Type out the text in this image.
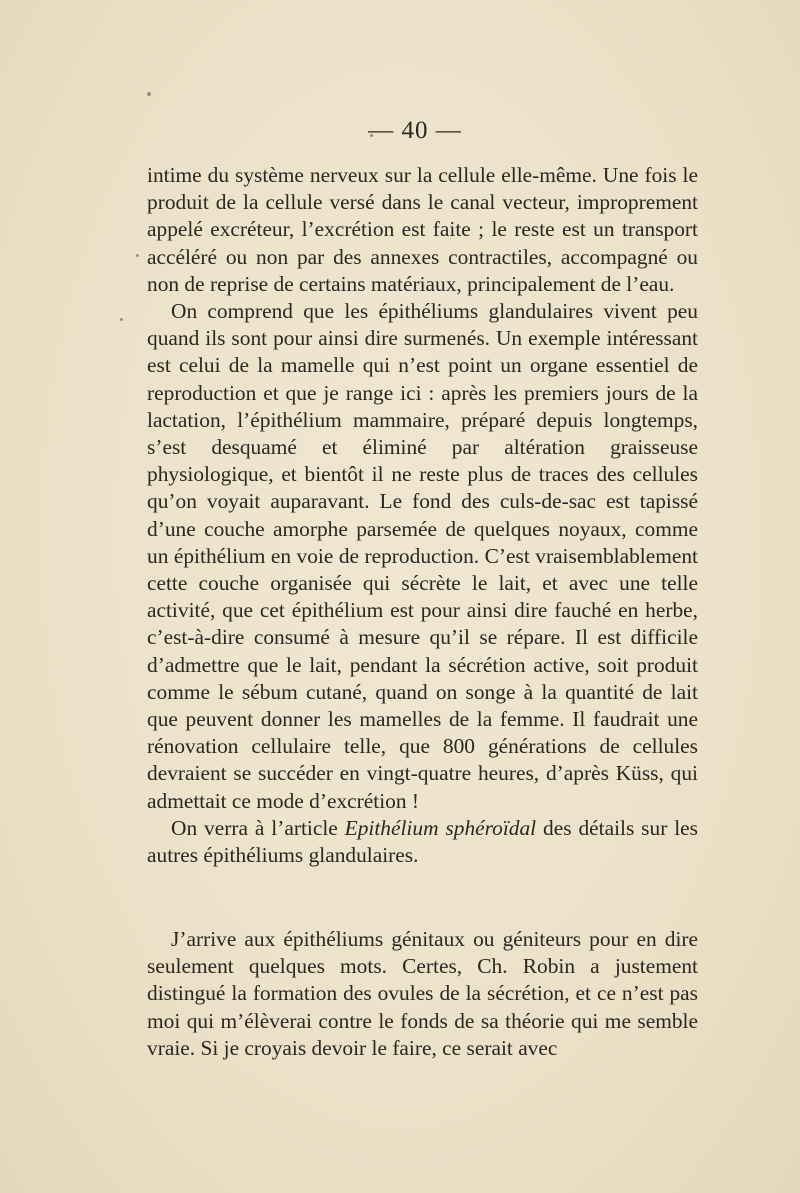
— 40 —

intime du système nerveux sur la cellule elle-même. Une fois le produit de la cellule versé dans le canal vecteur, improprement appelé excréteur, l’excrétion est faite ; le reste est un transport accéléré ou non par des annexes contractiles, accompagné ou non de reprise de certains matériaux, principalement de l’eau.

On comprend que les épithéliums glandulaires vivent peu quand ils sont pour ainsi dire surmenés. Un exemple intéressant est celui de la mamelle qui n’est point un organe essentiel de reproduction et que je range ici : après les premiers jours de la lactation, l’épithélium mammaire, préparé depuis longtemps, s’est desquamé et éliminé par altération graisseuse physiologique, et bientôt il ne reste plus de traces des cellules qu’on voyait auparavant. Le fond des culs-de-sac est tapissé d’une couche amorphe parsemée de quelques noyaux, comme un épithélium en voie de reproduction. C’est vraisemblablement cette couche organisée qui sécrète le lait, et avec une telle activité, que cet épithélium est pour ainsi dire fauché en herbe, c’est-à-dire consumé à mesure qu’il se répare. Il est difficile d’admettre que le lait, pendant la sécrétion active, soit produit comme le sébum cutané, quand on songe à la quantité de lait que peuvent donner les mamelles de la femme. Il faudrait une rénovation cellulaire telle, que 800 générations de cellules devraient se succéder en vingt-quatre heures, d’après Küss, qui admettait ce mode d’excrétion !

On verra à l’article Epithélium sphéroïdal des détails sur les autres épithéliums glandulaires.

J’arrive aux épithéliums génitaux ou géniteurs pour en dire seulement quelques mots. Certes, Ch. Robin a justement distingué la formation des ovules de la sécrétion, et ce n’est pas moi qui m’élèverai contre le fonds de sa théorie qui me semble vraie. Si je croyais devoir le faire, ce serait avec
